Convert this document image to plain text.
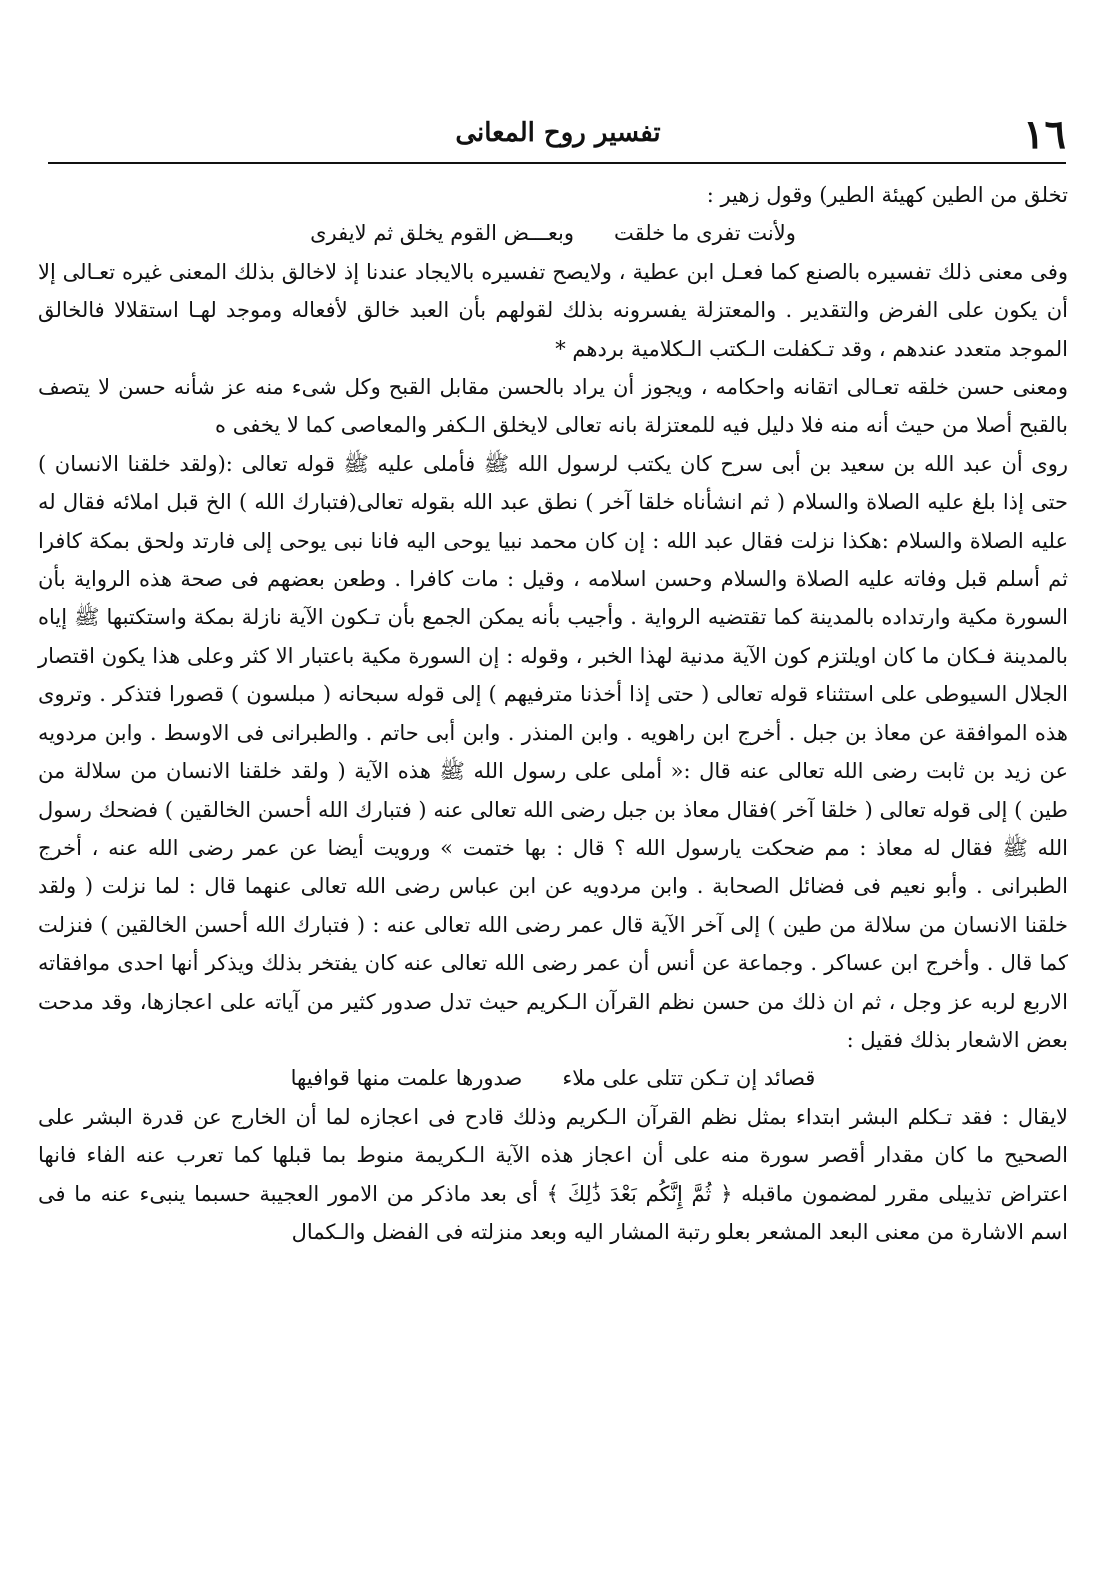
١٦
تفسير روح المعانى

تخلق من الطين كهيئة الطير) وقول زهير :

ولأنت تفرى ما خلقتوبعـــض القوم يخلق ثم لايفرى

وفى معنى ذلك تفسيره بالصنع كما فعـل ابن عطية ، ولايصح تفسيره بالايجاد عندنا إذ لاخالق بذلك المعنى غيره تعـالى إلا أن يكون على الفرض والتقدير . والمعتزلة يفسرونه بذلك لقولهم بأن العبد خالق لأفعاله وموجد لهـا استقلالا فالخالق الموجد متعدد عندهم ، وقد تـكفلت الـكتب الـكلامية بردهم *

ومعنى حسن خلقه تعـالى اتقانه واحكامه ، ويجوز أن يراد بالحسن مقابل القبح وكل شىء منه عز شأنه حسن لا يتصف بالقبح أصلا من حيث أنه منه فلا دليل فيه للمعتزلة بانه تعالى لايخلق الـكفر والمعاصى كما لا يخفى ه

روى أن عبد الله بن سعيد بن أبى سرح كان يكتب لرسول الله ﷺ فأملى عليه ﷺ قوله تعالى :(ولقد خلقنا الانسان ) حتى إذا بلغ عليه الصلاة والسلام ( ثم انشأناه خلقا آخر ) نطق عبد الله بقوله تعالى(فتبارك الله ) الخ قبل املائه فقال له عليه الصلاة والسلام :هكذا نزلت فقال عبد الله : إن كان محمد نبيا يوحى اليه فانا نبى يوحى إلى فارتد ولحق بمكة كافرا ثم أسلم قبل وفاته عليه الصلاة والسلام وحسن اسلامه ، وقيل : مات كافرا . وطعن بعضهم فى صحة هذه الرواية بأن السورة مكية وارتداده بالمدينة كما تقتضيه الرواية . وأجيب بأنه يمكن الجمع بأن تـكون الآية نازلة بمكة واستكتبها ﷺ إياه بالمدينة فـكان ما كان اويلتزم كون الآية مدنية لهذا الخبر ، وقوله : إن السورة مكية باعتبار الا كثر وعلى هذا يكون اقتصار الجلال السيوطى على استثناء قوله تعالى ( حتى إذا أخذنا مترفيهم ) إلى قوله سبحانه ( مبلسون ) قصورا فتذكر . وتروى هذه الموافقة عن معاذ بن جبل . أخرج ابن راهويه . وابن المنذر . وابن أبى حاتم . والطبرانى فى الاوسط . وابن مردويه عن زيد بن ثابت رضى الله تعالى عنه قال :« أملى على رسول الله ﷺ هذه الآية ( ولقد خلقنا الانسان من سلالة من طين ) إلى قوله تعالى ( خلقا آخر )فقال معاذ بن جبل رضى الله تعالى عنه ( فتبارك الله أحسن الخالقين ) فضحك رسول الله ﷺ فقال له معاذ : مم ضحكت يارسول الله ؟ قال : بها ختمت » ورويت أيضا عن عمر رضى الله عنه ، أخرج الطبرانى . وأبو نعيم فى فضائل الصحابة . وابن مردويه عن ابن عباس رضى الله تعالى عنهما قال : لما نزلت ( ولقد خلقنا الانسان من سلالة من طين ) إلى آخر الآية قال عمر رضى الله تعالى عنه : ( فتبارك الله أحسن الخالقين ) فنزلت كما قال . وأخرج ابن عساكر . وجماعة عن أنس أن عمر رضى الله تعالى عنه كان يفتخر بذلك ويذكر أنها احدى موافقاته الاربع لربه عز وجل ، ثم ان ذلك من حسن نظم القرآن الـكريم حيث تدل صدور كثير من آياته على اعجازها، وقد مدحت بعض الاشعار بذلك فقيل :

قصائد إن تـكن تتلى على ملاءصدورها علمت منها قوافيها

لايقال : فقد تـكلم البشر ابتداء بمثل نظم القرآن الـكريم وذلك قادح فى اعجازه لما أن الخارج عن قدرة البشر على الصحيح ما كان مقدار أقصر سورة منه على أن اعجاز هذه الآية الـكريمة منوط بما قبلها كما تعرب عنه الفاء فانها اعتراض تذييلى مقرر لمضمون ماقبله ﴿ ثُمَّ إِنَّكُم بَعْدَ ذَٰلِكَ ﴾ أى بعد ماذكر من الامور العجيبة حسبما ينبىء عنه ما فى اسم الاشارة من معنى البعد المشعر بعلو رتبة المشار اليه وبعد منزلته فى الفضل والـكمال
